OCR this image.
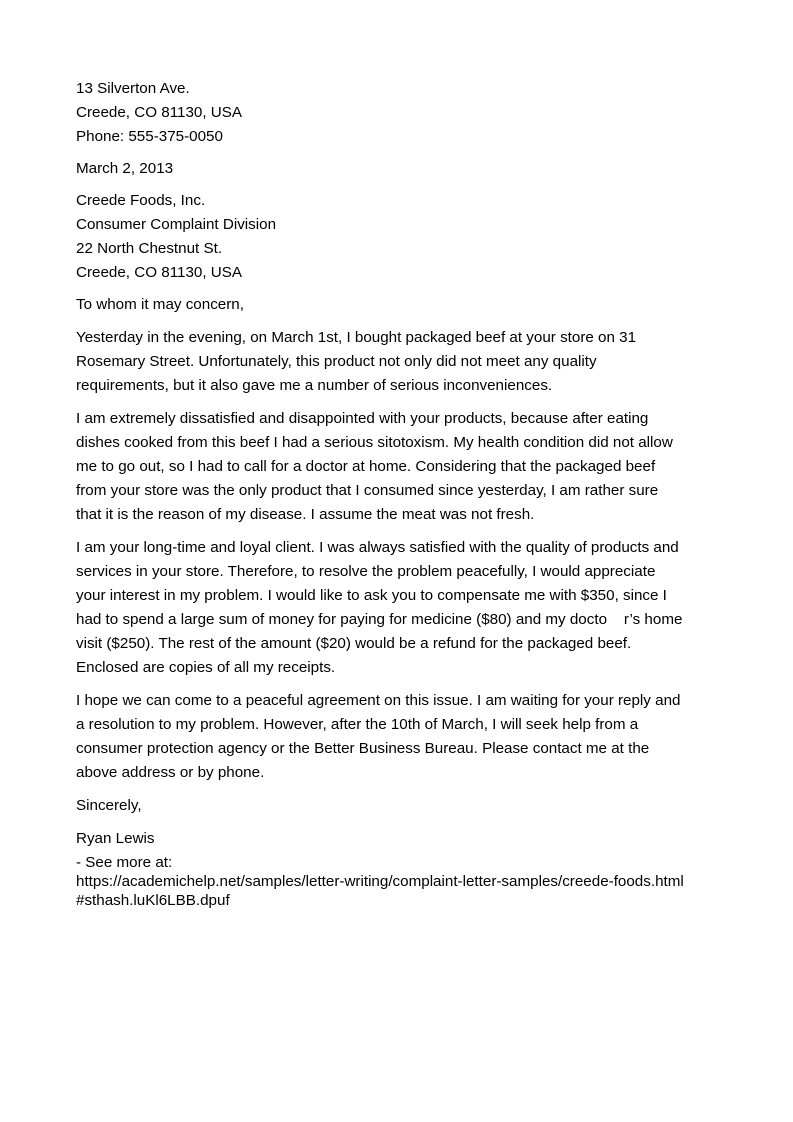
13 Silverton Ave.
Creede, CO 81130, USA
Phone: 555-375-0050
March 2, 2013
Creede Foods, Inc.
Consumer Complaint Division
22 North Chestnut St.
Creede, CO 81130, USA
To whom it may concern,
Yesterday in the evening, on March 1st, I bought packaged beef at your store on 31
Rosemary Street. Unfortunately, this product not only did not meet any quality
requirements, but it also gave me a number of serious inconveniences.
I am extremely dissatisfied and disappointed with your products, because after eating
dishes cooked from this beef I had a serious sitotoxism. My health condition did not allow
me to go out, so I had to call for a doctor at home. Considering that the packaged beef
from your store was the only product that I consumed since yesterday, I am rather sure
that it is the reason of my disease. I assume the meat was not fresh.
I am your long-time and loyal client. I was always satisfied with the quality of products and
services in your store. Therefore, to resolve the problem peacefully, I would appreciate
your interest in my problem. I would like to ask you to compensate me with $350, since I
had to spend a large sum of money for paying for medicine ($80) and my docto    r’s home
visit ($250). The rest of the amount ($20) would be a refund for the packaged beef.
Enclosed are copies of all my receipts.
I hope we can come to a peaceful agreement on this issue. I am waiting for your reply and
a resolution to my problem. However, after the 10th of March, I will seek help from a
consumer protection agency or the Better Business Bureau. Please contact me at the
above address or by phone.
Sincerely,
Ryan Lewis
- See more at:
https://academichelp.net/samples/letter-writing/complaint-letter-samples/creede-foods.html
#sthash.luKl6LBB.dpuf
